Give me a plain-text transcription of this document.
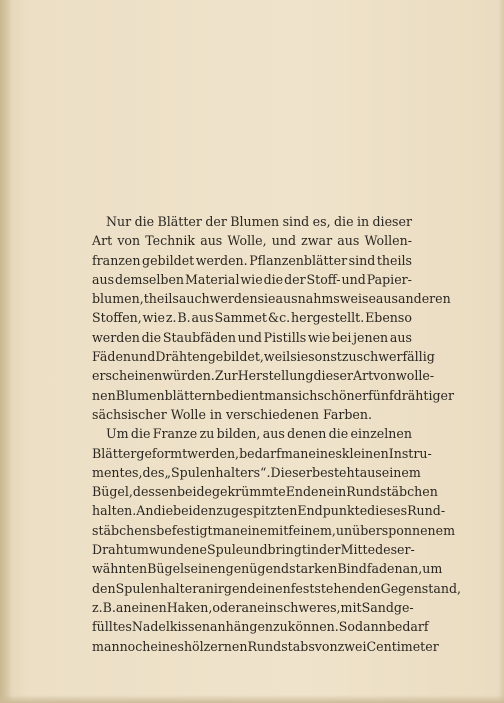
Nur die Blätter der Blumen sind es, die in dieser
Art von Technik aus Wolle, und zwar aus Wollen-
franzen gebildet werden. Pflanzenblätter sind theils
aus demselben Material wie die der Stoff- und Papier-
blumen, theils auch werden sie ausnahmsweise aus anderen
Stoffen, wie z. B. aus Sammet &c. hergestellt. Ebenso
werden die Staubfäden und Pistills wie bei jenen aus
Fäden und Drähten gebildet, weil sie sonst zu schwerfällig
erscheinen würden. Zur Herstellung dieser Art von wolle-
nen Blumenblättern bedient man sich schöner fünfdrähtiger
sächsischer Wolle in verschiedenen Farben.
Um die Franze zu bilden, aus denen die einzelnen
Blätter geformt werden, bedarf man eines kleinen Instru-
mentes, des „Spulenhalters“. Dieser besteht aus einem
Bügel, dessen beide gekrümmte Enden ein Rundstäbchen
halten. An die beiden zugespitzten Endpunkte dieses Rund-
stäbchens befestigt man eine mit feinem, unübersponnenem
Draht umwundene Spule und bringt in der Mitte des er-
wähnten Bügels einen genügend starken Bindfaden an, um
den Spulenhalter an irgend einen feststehenden Gegenstand,
z. B. an einen Haken, oder an ein schweres, mit Sand ge-
fülltes Nadelkissen anhängen zu können. Sodann bedarf
man noch eines hölzernen Rundstabs von zwei Centimeter
